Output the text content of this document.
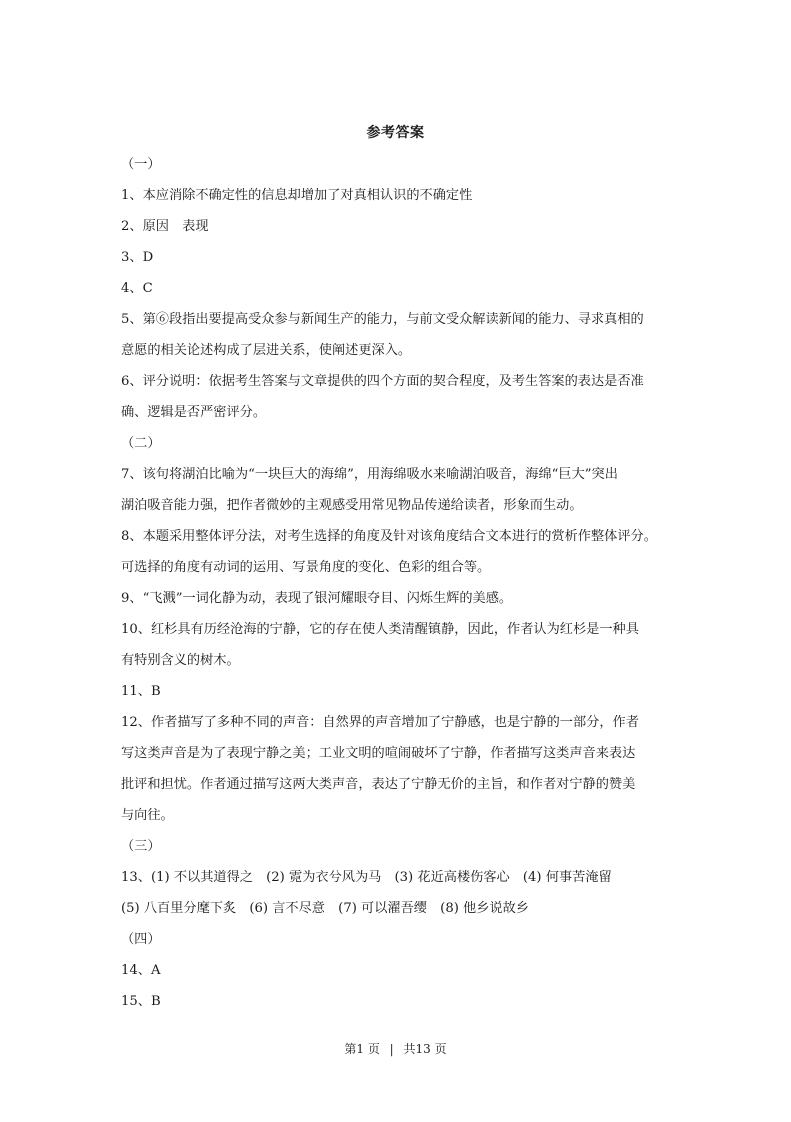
参考答案
（一）
1、本应消除不确定性的信息却增加了对真相认识的不确定性
2、原因　表现
3、D
4、C
5、第⑥段指出要提高受众参与新闻生产的能力，与前文受众解读新闻的能力、寻求真相的
意愿的相关论述构成了层进关系，使阐述更深入。
6、评分说明：依据考生答案与文章提供的四个方面的契合程度，及考生答案的表达是否准
确、逻辑是否严密评分。
（二）
7、该句将湖泊比喻为“一块巨大的海绵”，用海绵吸水来喻湖泊吸音，海绵“巨大”突出
湖泊吸音能力强，把作者微妙的主观感受用常见物品传递给读者，形象而生动。
8、本题采用整体评分法，对考生选择的角度及针对该角度结合文本进行的赏析作整体评分。
可选择的角度有动词的运用、写景角度的变化、色彩的组合等。
9、“飞溅”一词化静为动，表现了银河耀眼夺目、闪烁生辉的美感。
10、红杉具有历经沧海的宁静，它的存在使人类清醒镇静，因此，作者认为红杉是一种具
有特别含义的树木。
11、B
12、作者描写了多种不同的声音：自然界的声音增加了宁静感，也是宁静的一部分，作者
写这类声音是为了表现宁静之美；工业文明的喧闹破坏了宁静，作者描写这类声音来表达
批评和担忧。作者通过描写这两大类声音，表达了宁静无价的主旨，和作者对宁静的赞美
与向往。
（三）
13、(1) 不以其道得之　(2) 霓为衣兮风为马　(3) 花近高楼伤客心　(4) 何事苦淹留
(5) 八百里分麾下炙　(6) 言不尽意　(7) 可以濯吾缨　(8) 他乡说故乡
（四）
14、A
15、B
第1 页 | 共13 页
